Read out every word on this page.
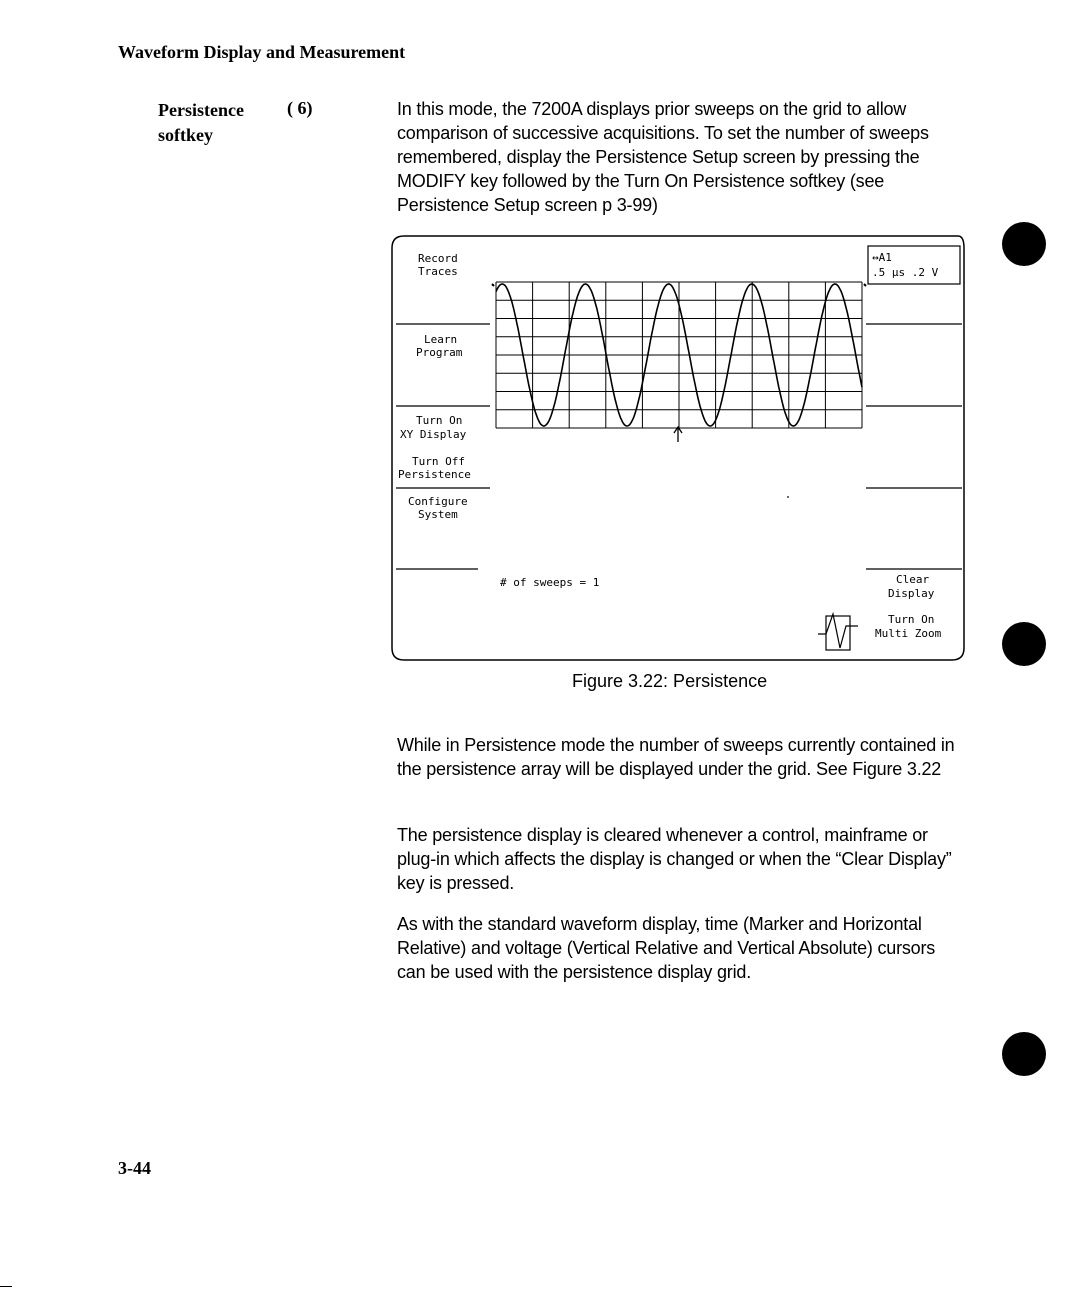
Waveform Display and Measurement
Persistence
softkey
( 6)	In this mode, the 7200A displays prior sweeps on the grid to allow comparison of successive acquisitions. To set the number of sweeps remembered, display the Persistence Setup screen by pressing the MODIFY key followed by the Turn On Persistence softkey (see Persistence Setup screen p 3-99)
↔A1
.5 µs .2 V
Record
Traces
Learn
Program
Turn On
XY Display
Turn Off
Persistence
Configure
System
Clear
Display
Turn On
Multi Zoom
# of sweeps = 1
Figure 3.22: Persistence
While in Persistence mode the number of sweeps currently contained in the persistence array will be displayed under the grid. See Figure 3.22
The persistence display is cleared whenever a control, mainframe or plug-in which affects the display is changed or when the “Clear Display” key is pressed.
As with the standard waveform display, time (Marker and Horizontal Relative) and voltage (Vertical Relative and Vertical Absolute) cursors can be used with the persistence display grid.
3-44
